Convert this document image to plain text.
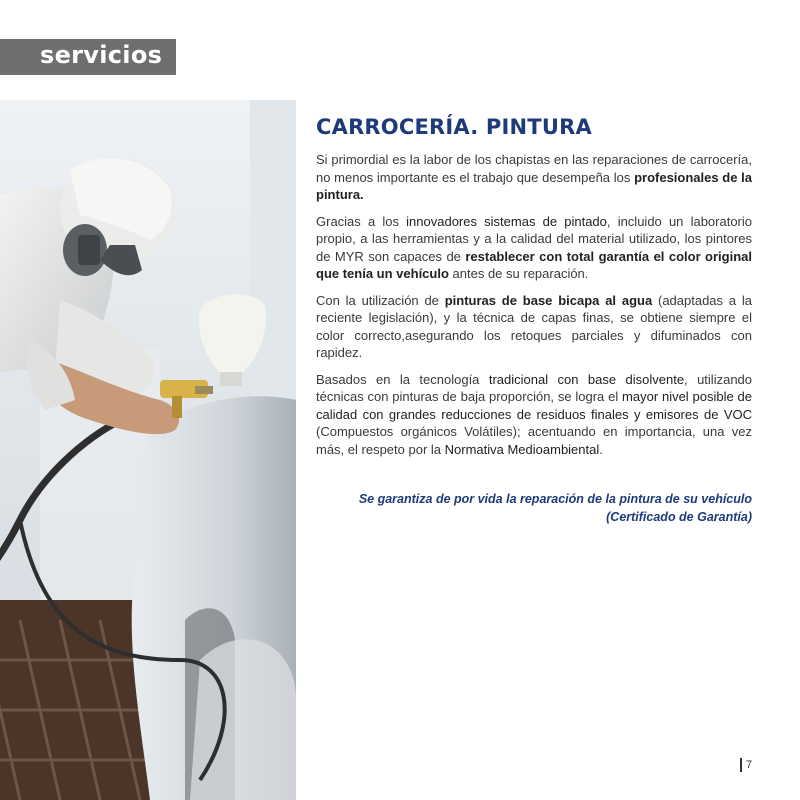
servicios
CARROCERÍA. PINTURA

Si primordial es la labor de los chapistas en las reparaciones de carrocería, no menos importante es el trabajo que desempeña los profesionales de la pintura.

Gracias a los innovadores sistemas de pintado, incluido un laboratorio propio, a las herramientas y a la calidad del material utilizado, los pintores de MYR son capaces de restablecer con total garantía el color original que tenía un vehículo antes de su reparación.

Con la utilización de pinturas de base bicapa al agua (adaptadas a la reciente legislación), y la técnica de capas finas, se obtiene siempre el color correcto,asegurando los retoques parciales y difuminados con rapidez.

Basados en la tecnología tradicional con base disolvente, utilizando técnicas con pinturas de baja proporción, se logra el mayor nivel posible de calidad con grandes reducciones de residuos finales y emisores de VOC (Compuestos orgánicos Volátiles); acentuando en importancia, una vez más, el respeto por la Normativa Medioambiental.

Se garantiza de por vida la reparación de la pintura de su vehículo
(Certificado de Garantía)
7
